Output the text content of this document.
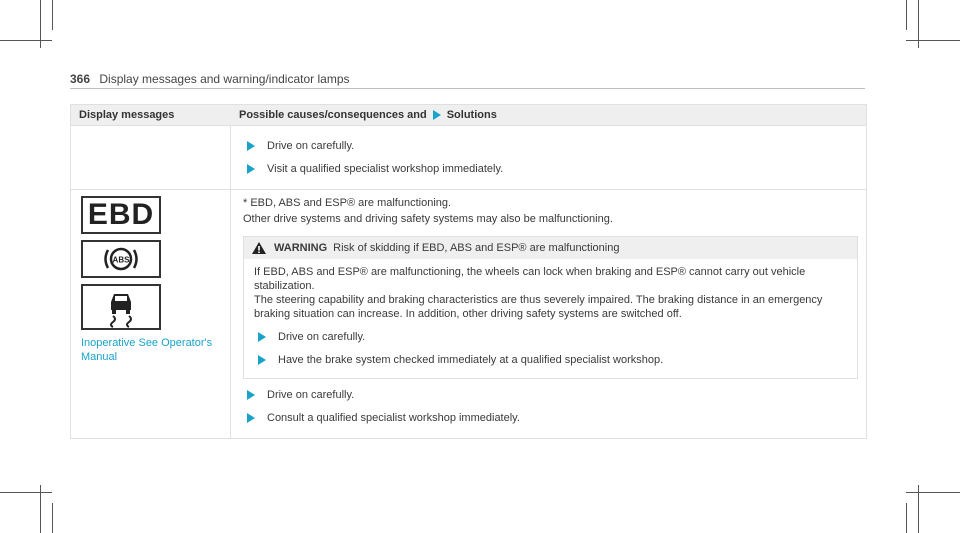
366 Display messages and warning/indicator lamps
Display messages	Possible causes/consequences and Solutions
Drive on carefully.
Visit a qualified specialist workshop immediately.
EBD
ABS
Inoperative See Operator's Manual

* EBD, ABS and ESP® are malfunctioning.

Other drive systems and driving safety systems may also be malfunctioning.

WARNING Risk of skidding if EBD, ABS and ESP® are malfunctioning

If EBD, ABS and ESP® are malfunctioning, the wheels can lock when braking and ESP® cannot carry out vehicle stabilization.

The steering capability and braking characteristics are thus severely impaired. The braking distance in an emergency braking situation can increase. In addition, other driving safety systems are switched off.

Drive on carefully.
Have the brake system checked immediately at a qualified specialist workshop.
Drive on carefully.
Consult a qualified specialist workshop immediately.
